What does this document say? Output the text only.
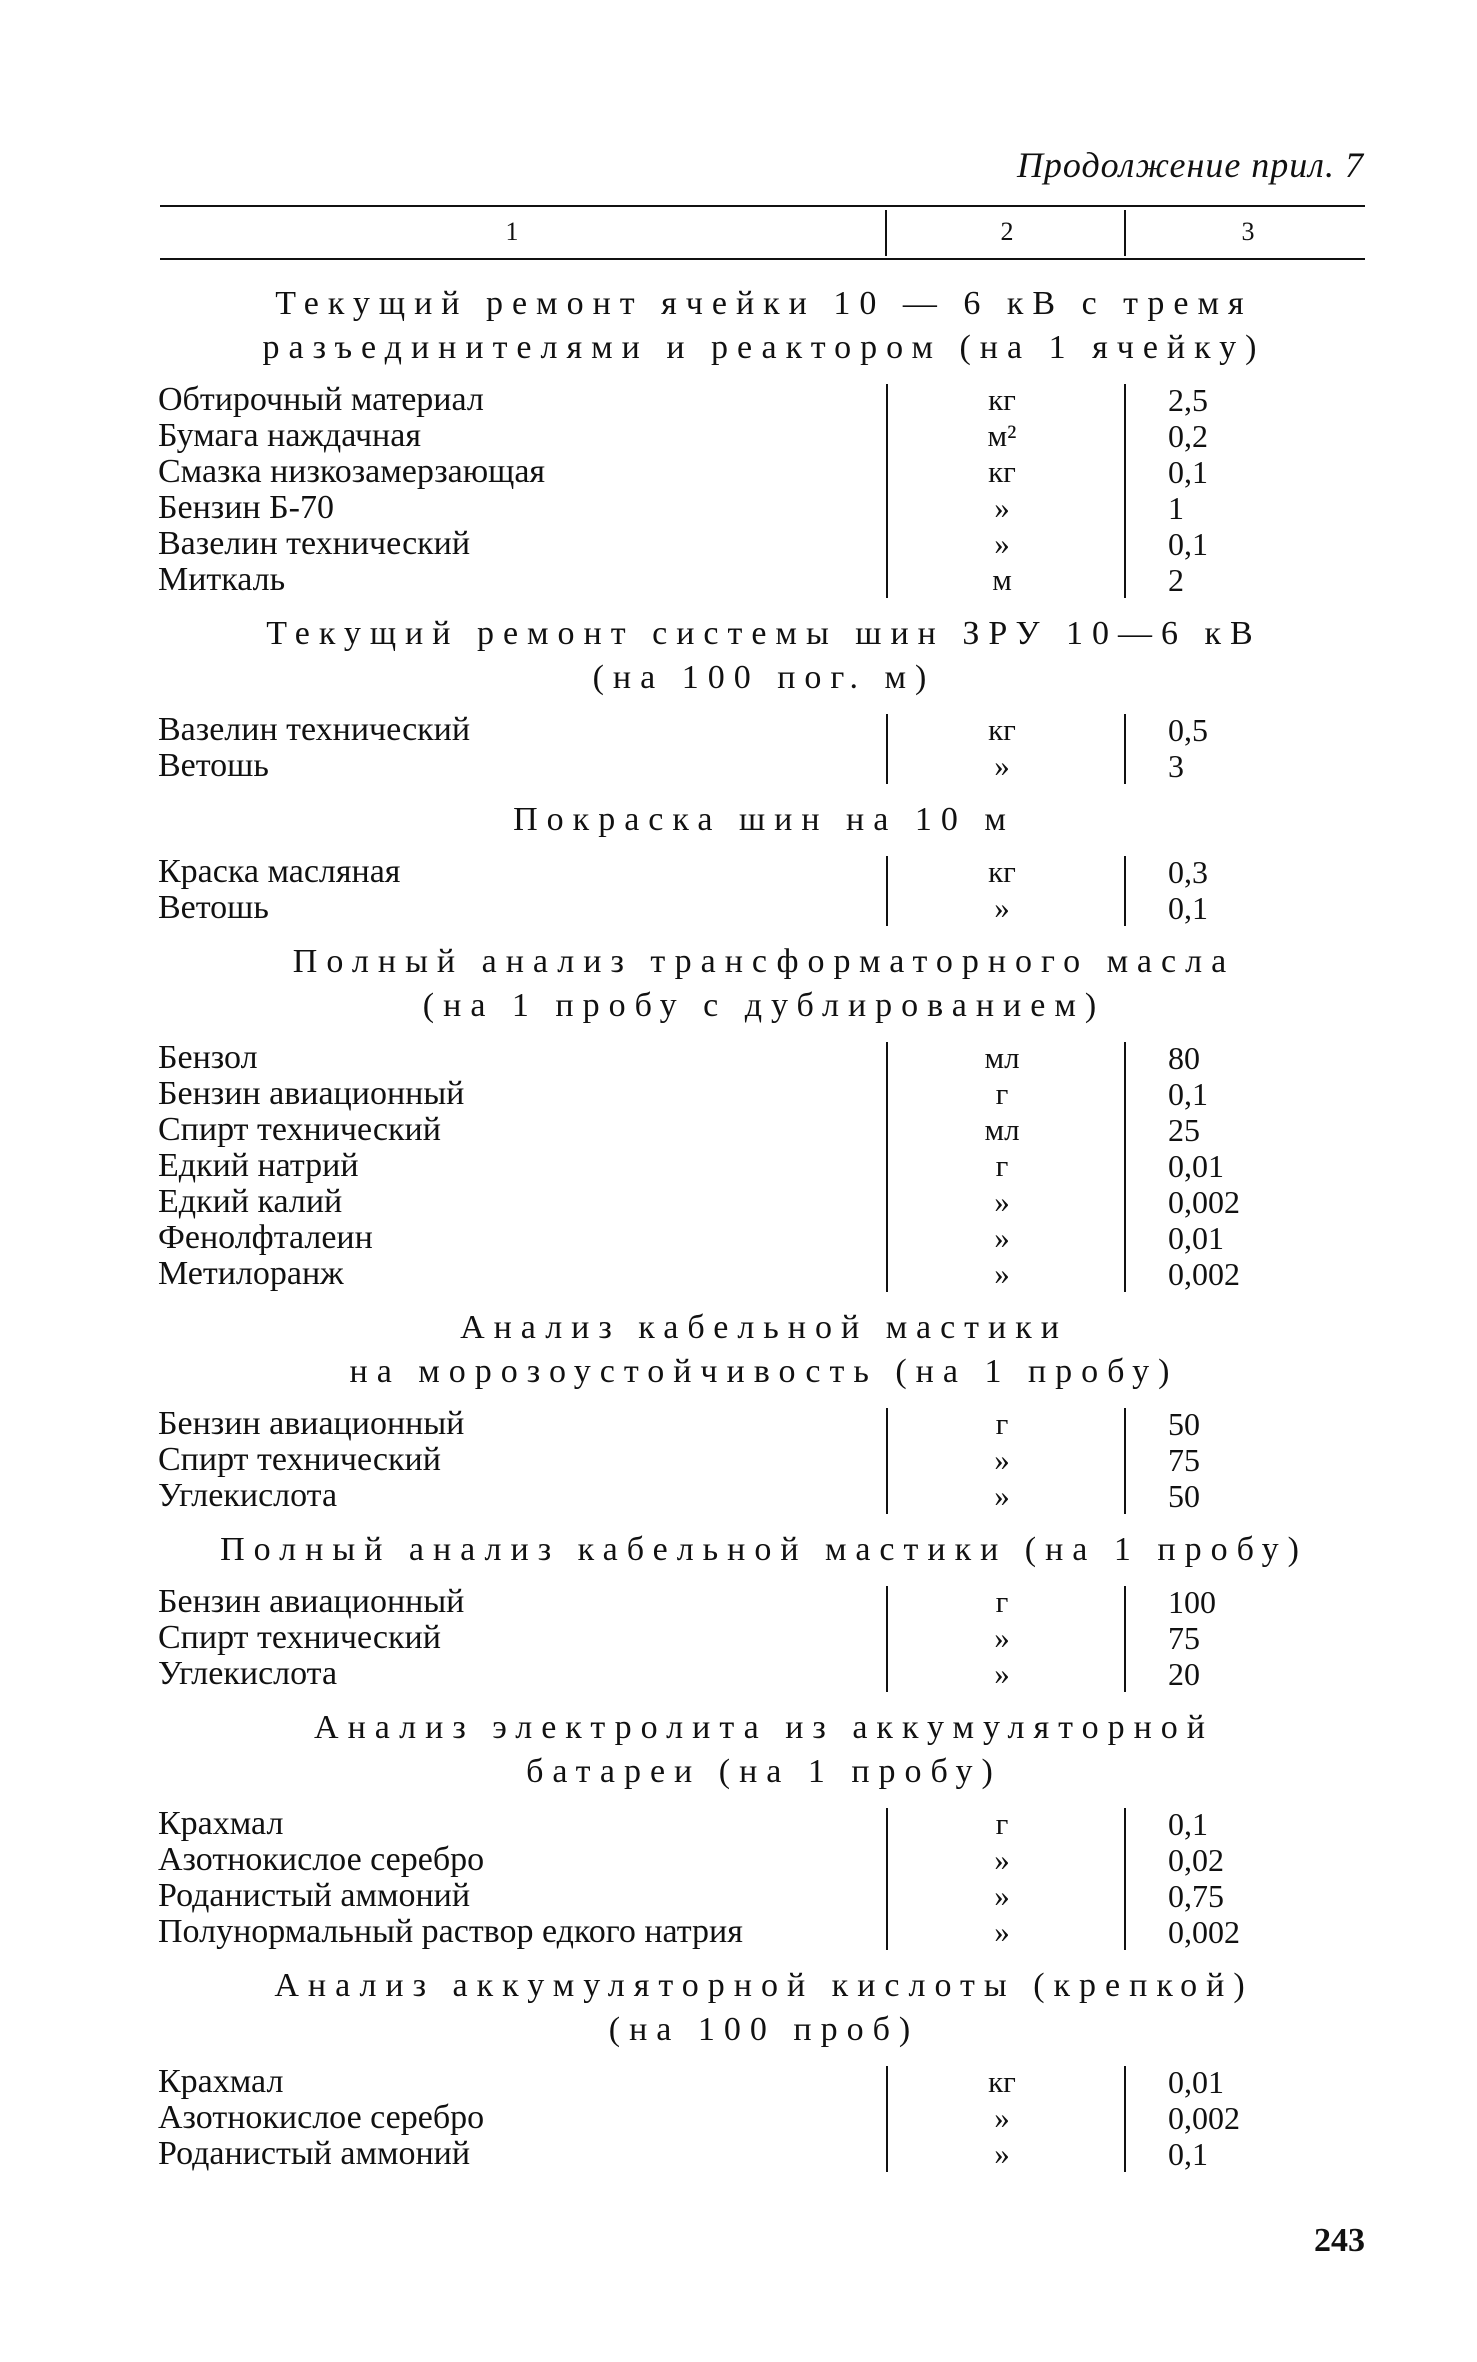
Продолжение прил. 7
1	2	3
Текущий ремонт ячейки 10 — 6 кВ с тремя
разъединителями и реактором (на 1 ячейку)
Обтирочный материал	кг	2,5
Бумага наждачная	м²	0,2
Смазка низкозамерзающая	кг	0,1
Бензин Б-70	»	1
Вазелин технический	»	0,1
Миткаль	м	2
Текущий ремонт системы шин ЗРУ 10—6 кВ
(на 100 пог. м)
Вазелин технический	кг	0,5
Ветошь	»	3
Покраска шин на 10 м
Краска масляная	кг	0,3
Ветошь	»	0,1
Полный анализ трансформаторного масла
(на 1 пробу с дублированием)
Бензол	мл	80
Бензин авиационный	г	0,1
Спирт технический	мл	25
Едкий натрий	г	0,01
Едкий калий	»	0,002
Фенолфталеин	»	0,01
Метилоранж	»	0,002
Анализ кабельной мастики
на морозоустойчивость (на 1 пробу)
Бензин авиационный	г	50
Спирт технический	»	75
Углекислота	»	50
Полный анализ кабельной мастики (на 1 пробу)
Бензин авиационный	г	100
Спирт технический	»	75
Углекислота	»	20
Анализ электролита из аккумуляторной
батареи (на 1 пробу)
Крахмал	г	0,1
Азотнокислое серебро	»	0,02
Роданистый аммоний	»	0,75
Полунормальный раствор едкого натрия	»	0,002
Анализ аккумуляторной кислоты (крепкой)
(на 100 проб)
Крахмал	кг	0,01
Азотнокислое серебро	»	0,002
Роданистый аммоний	»	0,1
243
